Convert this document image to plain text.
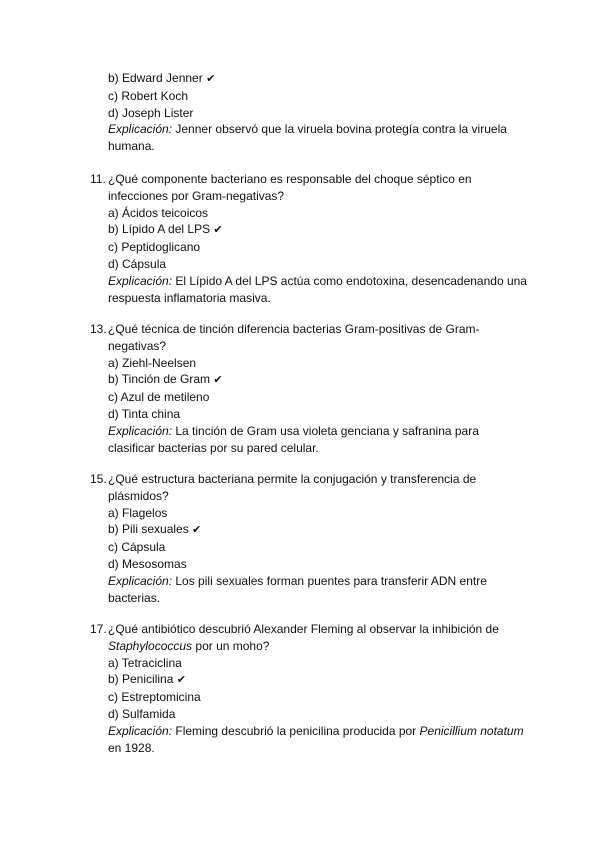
b) Edward Jenner ✔
c) Robert Koch
d) Joseph Lister
Explicación: Jenner observó que la viruela bovina protegía contra la viruela humana.
11. ¿Qué componente bacteriano es responsable del choque séptico en infecciones por Gram-negativas?
a) Ácidos teicoicos
b) Lípido A del LPS ✔
c) Peptidoglicano
d) Cápsula
Explicación: El Lípido A del LPS actúa como endotoxina, desencadenando una respuesta inflamatoria masiva.
13. ¿Qué técnica de tinción diferencia bacterias Gram-positivas de Gram-negativas?
a) Ziehl-Neelsen
b) Tinción de Gram ✔
c) Azul de metileno
d) Tinta china
Explicación: La tinción de Gram usa violeta genciana y safranina para clasificar bacterias por su pared celular.
15. ¿Qué estructura bacteriana permite la conjugación y transferencia de plásmidos?
a) Flagelos
b) Pili sexuales ✔
c) Cápsula
d) Mesosomas
Explicación: Los pili sexuales forman puentes para transferir ADN entre bacterias.
17. ¿Qué antibiótico descubrió Alexander Fleming al observar la inhibición de Staphylococcus por un moho?
a) Tetraciclina
b) Penicilina ✔
c) Estreptomicina
d) Sulfamida
Explicación: Fleming descubrió la penicilina producida por Penicillium notatum en 1928.
